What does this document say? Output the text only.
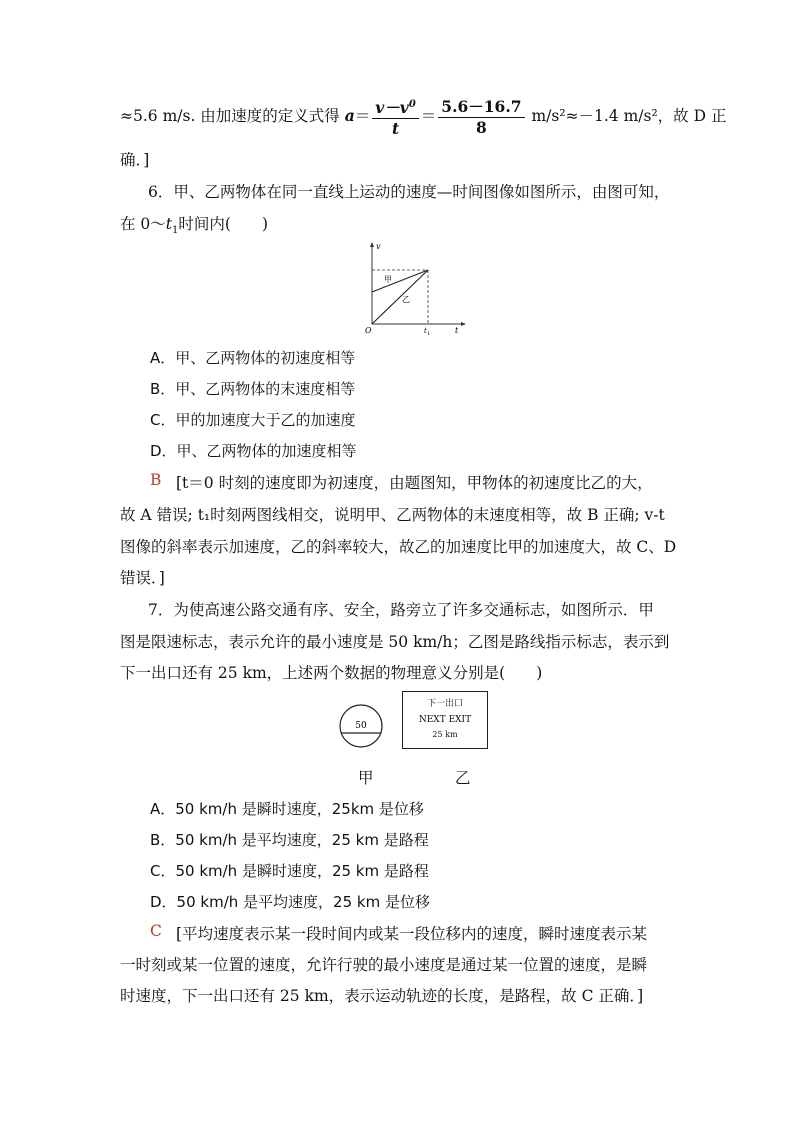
≈5.6 m/s. 由加速度的定义式得 $a= \frac{v-v^0}{t} = \frac{5.6-16.7}{8} m/s^2\approx-1.4$ m/s²，故 D 正
确．]
6．甲、乙两物体在同一直线上运动的速度—时间图像如图所示，由图可知，
在 $0\sim t_1$时间内(　　)
v
t
O	t 1
甲
乙
A．甲、乙两物体的初速度相等
B．甲、乙两物体的末速度相等
C．甲的加速度大于乙的加速度
D．甲、乙两物体的加速度相等
B [t＝0 时刻的速度即为初速度，由题图知，甲物体的初速度比乙的大，
故 A 错误; t₁时刻两图线相交，说明甲、乙两物体的末速度相等，故 B 正确; v-t
图像的斜率表示加速度，乙的斜率较大，故乙的加速度比甲的加速度大，故 C、D
错误．]
7．为使高速公路交通有序、安全，路旁立了许多交通标志，如图所示．甲
图是限速标志，表示允许的最小速度是 50 km/h；乙图是路线指示标志，表示到
下一出口还有 25 km，上述两个数据的物理意义分别是(　　)
50
下一出口
NEXT EXIT
25 km
甲	乙
A．50 km/h 是瞬时速度，25km 是位移
B．50 km/h 是平均速度，25 km 是路程
C．50 km/h 是瞬时速度，25 km 是路程
D．50 km/h 是平均速度，25 km 是位移
C [平均速度表示某一段时间内或某一段位移内的速度，瞬时速度表示某
一时刻或某一位置的速度，允许行驶的最小速度是通过某一位置的速度，是瞬
时速度，下一出口还有 25 km，表示运动轨迹的长度，是路程，故 C 正确．]
